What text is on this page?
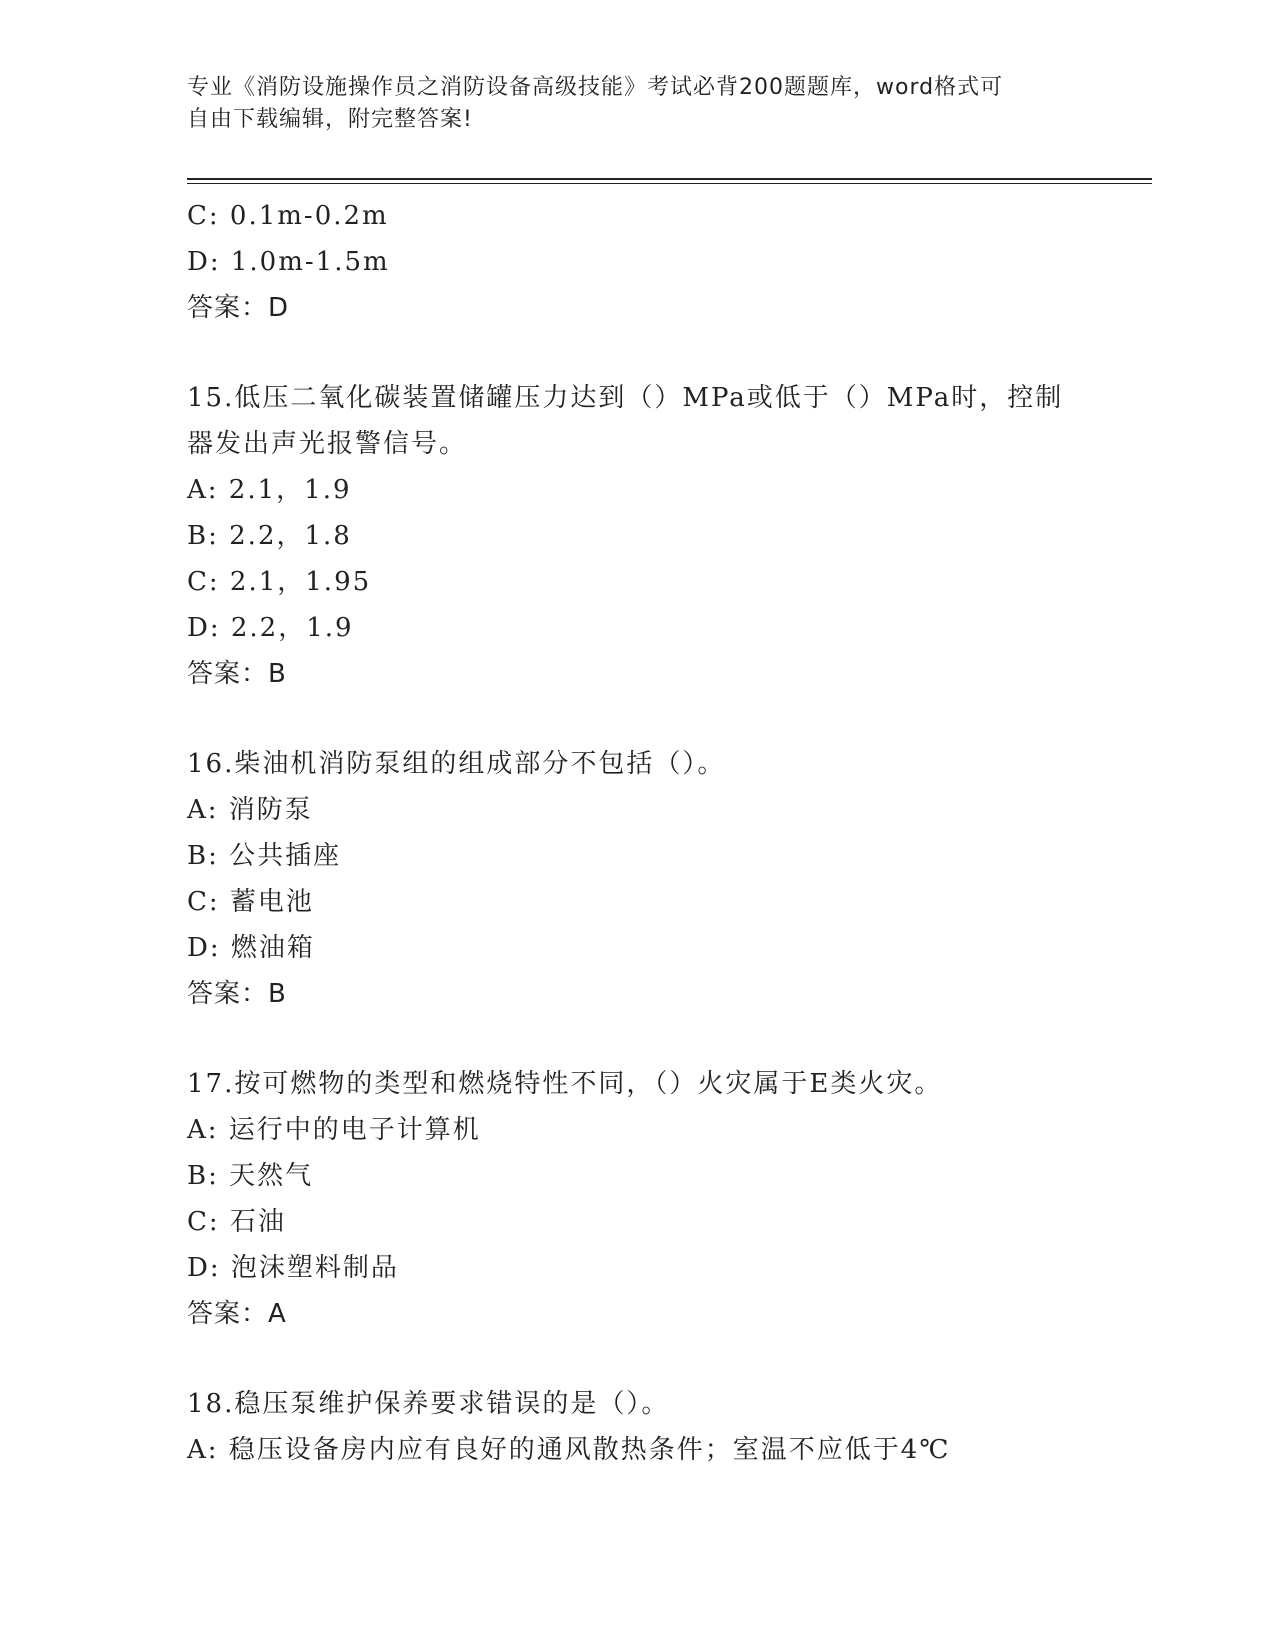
专业《消防设施操作员之消防设备高级技能》考试必背200题题库，word格式可
自由下载编辑，附完整答案!
C: 0.1m-0.2m
D: 1.0m-1.5m
答案：D
15.低压二氧化碳装置储罐压力达到（）MPa或低于（）MPa时，控制
器发出声光报警信号。
A: 2.1，1.9
B: 2.2，1.8
C: 2.1，1.95
D: 2.2，1.9
答案：B
16.柴油机消防泵组的组成部分不包括（）。
A: 消防泵
B: 公共插座
C: 蓄电池
D: 燃油箱
答案：B
17.按可燃物的类型和燃烧特性不同，（）火灾属于E类火灾。
A: 运行中的电子计算机
B: 天然气
C: 石油
D: 泡沫塑料制品
答案：A
18.稳压泵维护保养要求错误的是（）。
A: 稳压设备房内应有良好的通风散热条件；室温不应低于4℃
